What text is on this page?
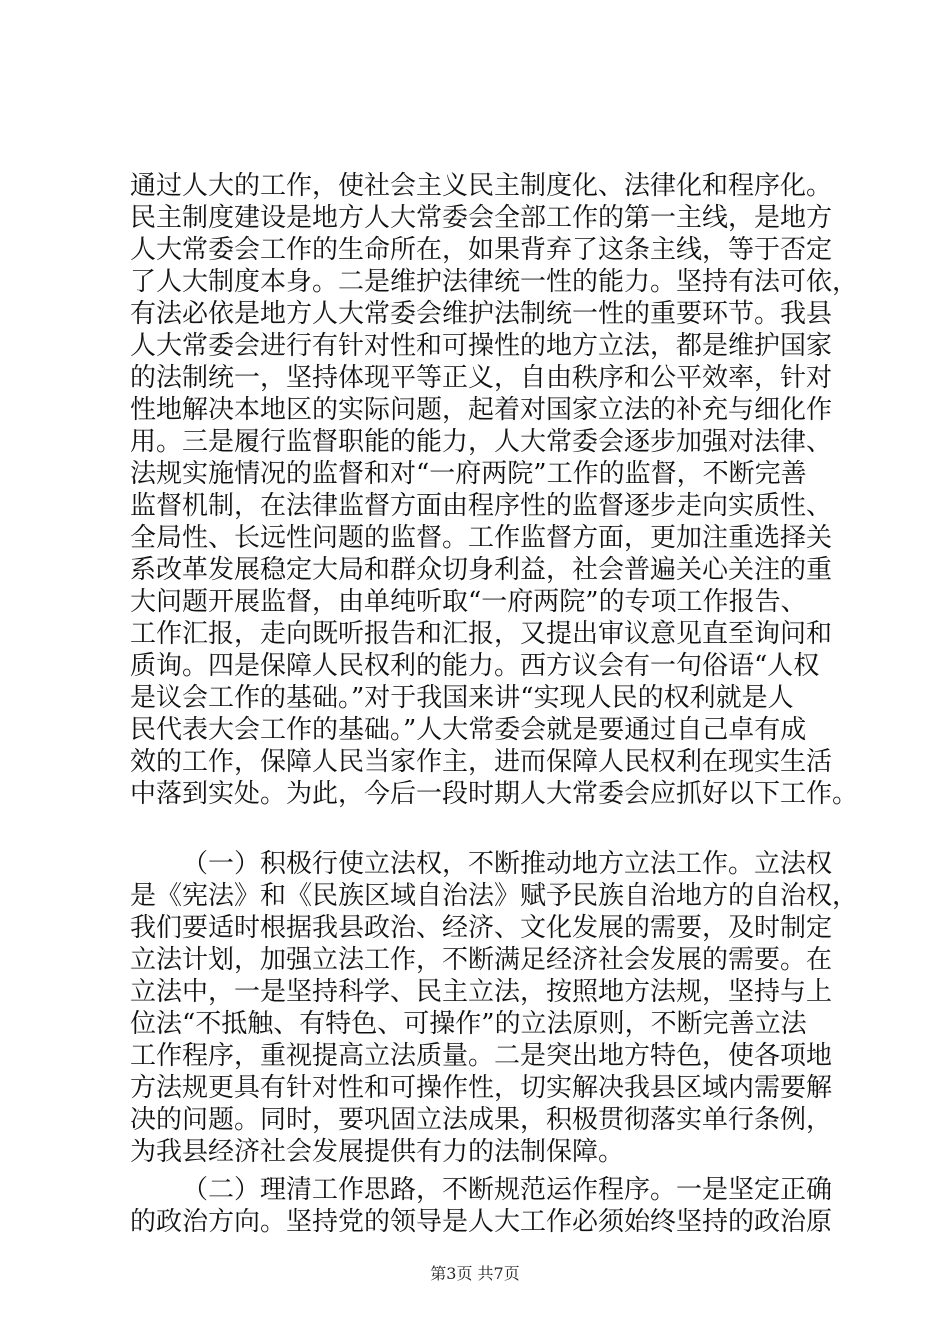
通过人大的工作，使社会主义民主制度化、法律化和程序化。
民主制度建设是地方人大常委会全部工作的第一主线，是地方
人大常委会工作的生命所在，如果背弃了这条主线，等于否定
了人大制度本身。二是维护法律统一性的能力。坚持有法可依，
有法必依是地方人大常委会维护法制统一性的重要环节。我县
人大常委会进行有针对性和可操性的地方立法，都是维护国家
的法制统一，坚持体现平等正义，自由秩序和公平效率，针对
性地解决本地区的实际问题，起着对国家立法的补充与细化作
用。三是履行监督职能的能力，人大常委会逐步加强对法律、
法规实施情况的监督和对“一府两院”工作的监督，不断完善
监督机制，在法律监督方面由程序性的监督逐步走向实质性、
全局性、长远性问题的监督。工作监督方面，更加注重选择关
系改革发展稳定大局和群众切身利益，社会普遍关心关注的重
大问题开展监督，由单纯听取“一府两院”的专项工作报告、
工作汇报，走向既听报告和汇报，又提出审议意见直至询问和
质询。四是保障人民权利的能力。西方议会有一句俗语“人权
是议会工作的基础。”对于我国来讲“实现人民的权利就是人
民代表大会工作的基础。”人大常委会就是要通过自己卓有成
效的工作，保障人民当家作主，进而保障人民权利在现实生活
中落到实处。为此，今后一段时期人大常委会应抓好以下工作。
（一）积极行使立法权，不断推动地方立法工作。立法权
是《宪法》和《民族区域自治法》赋予民族自治地方的自治权，
我们要适时根据我县政治、经济、文化发展的需要，及时制定
立法计划，加强立法工作，不断满足经济社会发展的需要。在
立法中，一是坚持科学、民主立法，按照地方法规，坚持与上
位法“不抵触、有特色、可操作”的立法原则，不断完善立法
工作程序，重视提高立法质量。二是突出地方特色，使各项地
方法规更具有针对性和可操作性，切实解决我县区域内需要解
决的问题。同时，要巩固立法成果，积极贯彻落实单行条例，
为我县经济社会发展提供有力的法制保障。
（二）理清工作思路，不断规范运作程序。一是坚定正确
的政治方向。坚持党的领导是人大工作必须始终坚持的政治原
第3页 共7页
